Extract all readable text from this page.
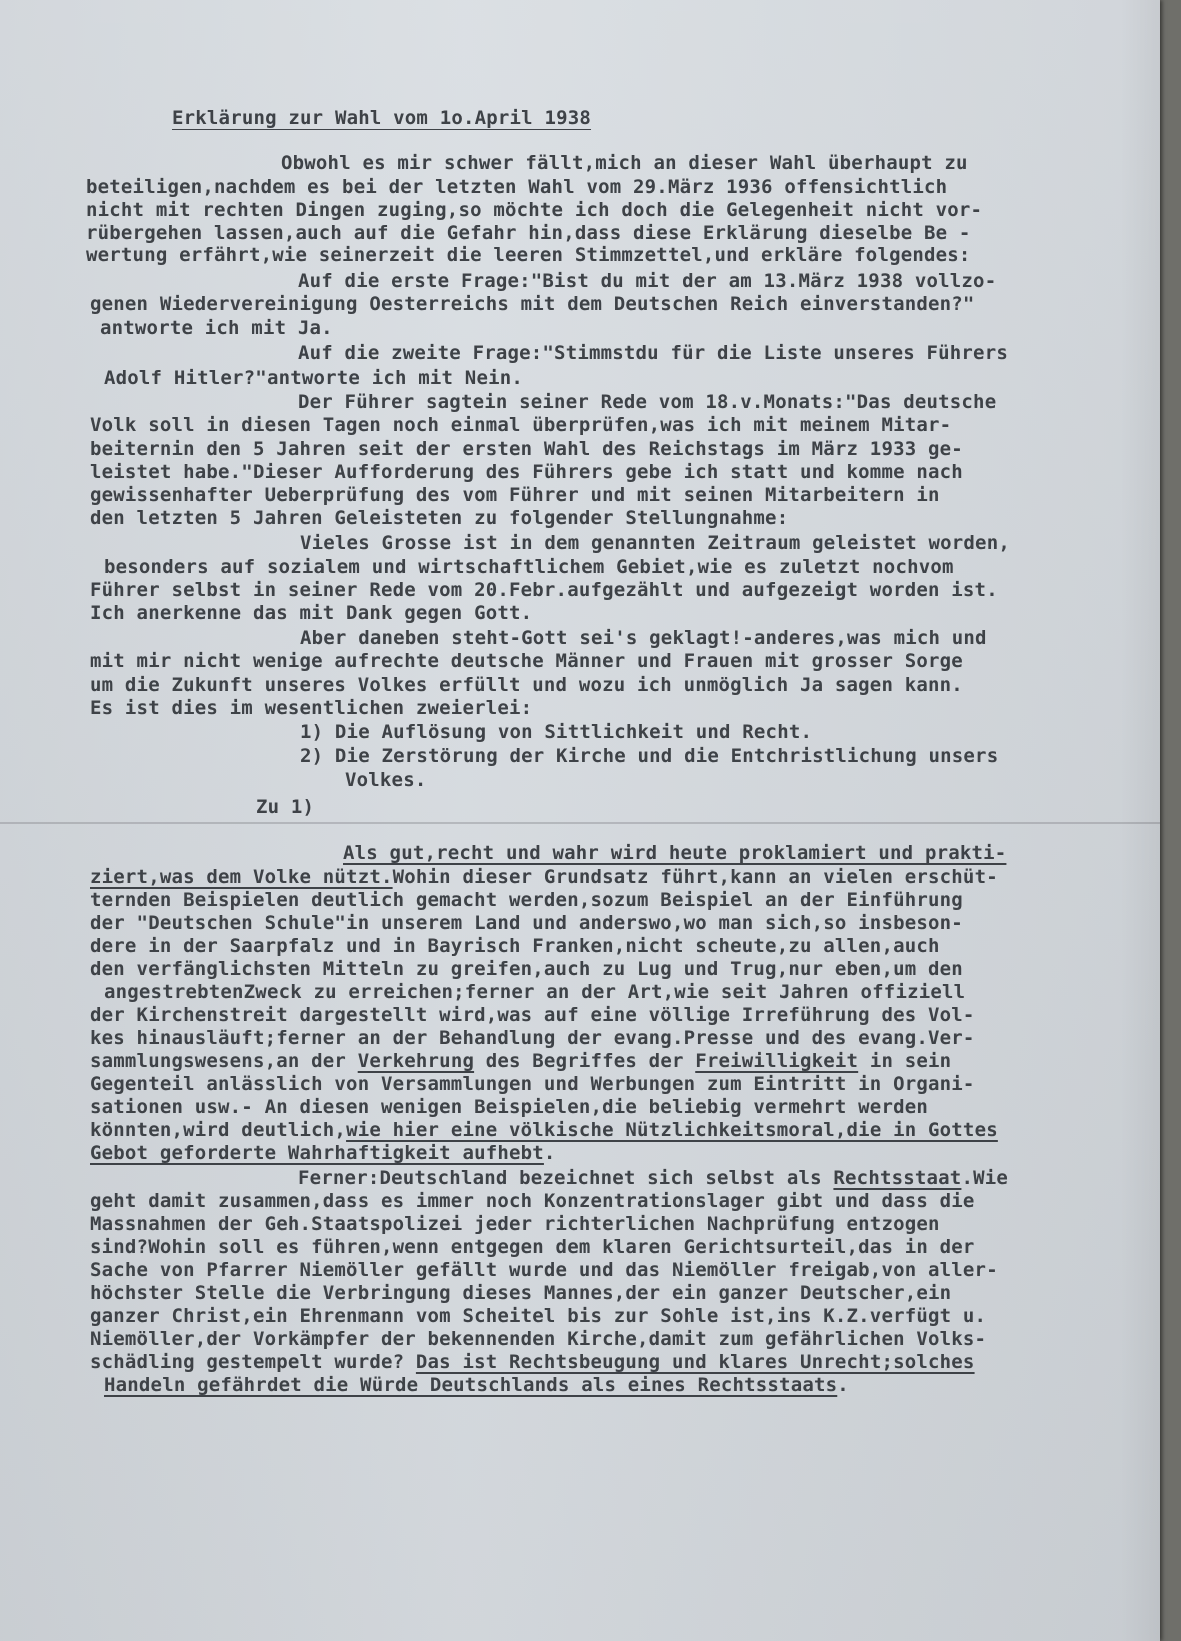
Erklärung zur Wahl vom 1o.April 1938
Obwohl es mir schwer fällt,mich an dieser Wahl überhaupt zu
beteiligen,nachdem es bei der letzten Wahl vom 29.März 1936 offensichtlich
nicht mit rechten Dingen zuging,so möchte ich doch die Gelegenheit nicht vor-
rübergehen lassen,auch auf die Gefahr hin,dass diese Erklärung dieselbe Be -
wertung erfährt,wie seinerzeit die leeren Stimmzettel,und erkläre folgendes:
Auf die erste Frage:"Bist du mit der am 13.März 1938 vollzo-
genen Wiedervereinigung Oesterreichs mit dem Deutschen Reich einverstanden?"
antworte ich mit Ja.
Auf die zweite Frage:"Stimmstdu für die Liste unseres Führers
Adolf Hitler?"antworte ich mit Nein.
Der Führer sagtein seiner Rede vom 18.v.Monats:"Das deutsche
Volk soll in diesen Tagen noch einmal überprüfen,was ich mit meinem Mitar-
beiternin den 5 Jahren seit der ersten Wahl des Reichstags im März 1933 ge-
leistet habe."Dieser Aufforderung des Führers gebe ich statt und komme nach
gewissenhafter Ueberprüfung des vom Führer und mit seinen Mitarbeitern in
den letzten 5 Jahren Geleisteten zu folgender Stellungnahme:
Vieles Grosse ist in dem genannten Zeitraum geleistet worden,
besonders auf sozialem und wirtschaftlichem Gebiet,wie es zuletzt nochvom
Führer selbst in seiner Rede vom 20.Febr.aufgezählt und aufgezeigt worden ist.
Ich anerkenne das mit Dank gegen Gott.
Aber daneben steht-Gott sei's geklagt!-anderes,was mich und
mit mir nicht wenige aufrechte deutsche Männer und Frauen mit grosser Sorge
um die Zukunft unseres Volkes erfüllt und wozu ich unmöglich Ja sagen kann.
Es ist dies im wesentlichen zweierlei:
1) Die Auflösung von Sittlichkeit und Recht.
2) Die Zerstörung der Kirche und die Entchristlichung unsers
Volkes.
Zu 1)
Als gut,recht und wahr wird heute proklamiert und prakti-
ziert,was dem Volke nützt.Wohin dieser Grundsatz führt,kann an vielen erschüt-
ternden Beispielen deutlich gemacht werden,sozum Beispiel an der Einführung
der "Deutschen Schule"in unserem Land und anderswo,wo man sich,so insbeson-
dere in der Saarpfalz und in Bayrisch Franken,nicht scheute,zu allen,auch
den verfänglichsten Mitteln zu greifen,auch zu Lug und Trug,nur eben,um den
angestrebtenZweck zu erreichen;ferner an der Art,wie seit Jahren offiziell
der Kirchenstreit dargestellt wird,was auf eine völlige Irreführung des Vol-
kes hinausläuft;ferner an der Behandlung der evang.Presse und des evang.Ver-
sammlungswesens,an der Verkehrung des Begriffes der Freiwilligkeit in sein
Gegenteil anlässlich von Versammlungen und Werbungen zum Eintritt in Organi-
sationen usw.- An diesen wenigen Beispielen,die beliebig vermehrt werden
könnten,wird deutlich,wie hier eine völkische Nützlichkeitsmoral,die in Gottes
Gebot geforderte Wahrhaftigkeit aufhebt.
Ferner:Deutschland bezeichnet sich selbst als Rechtsstaat.Wie
geht damit zusammen,dass es immer noch Konzentrationslager gibt und dass die
Massnahmen der Geh.Staatspolizei jeder richterlichen Nachprüfung entzogen
sind?Wohin soll es führen,wenn entgegen dem klaren Gerichtsurteil,das in der
Sache von Pfarrer Niemöller gefällt wurde und das Niemöller freigab,von aller-
höchster Stelle die Verbringung dieses Mannes,der ein ganzer Deutscher,ein
ganzer Christ,ein Ehrenmann vom Scheitel bis zur Sohle ist,ins K.Z.verfügt u.
Niemöller,der Vorkämpfer der bekennenden Kirche,damit zum gefährlichen Volks-
schädling gestempelt wurde? Das ist Rechtsbeugung und klares Unrecht;solches
Handeln gefährdet die Würde Deutschlands als eines Rechtsstaats.
